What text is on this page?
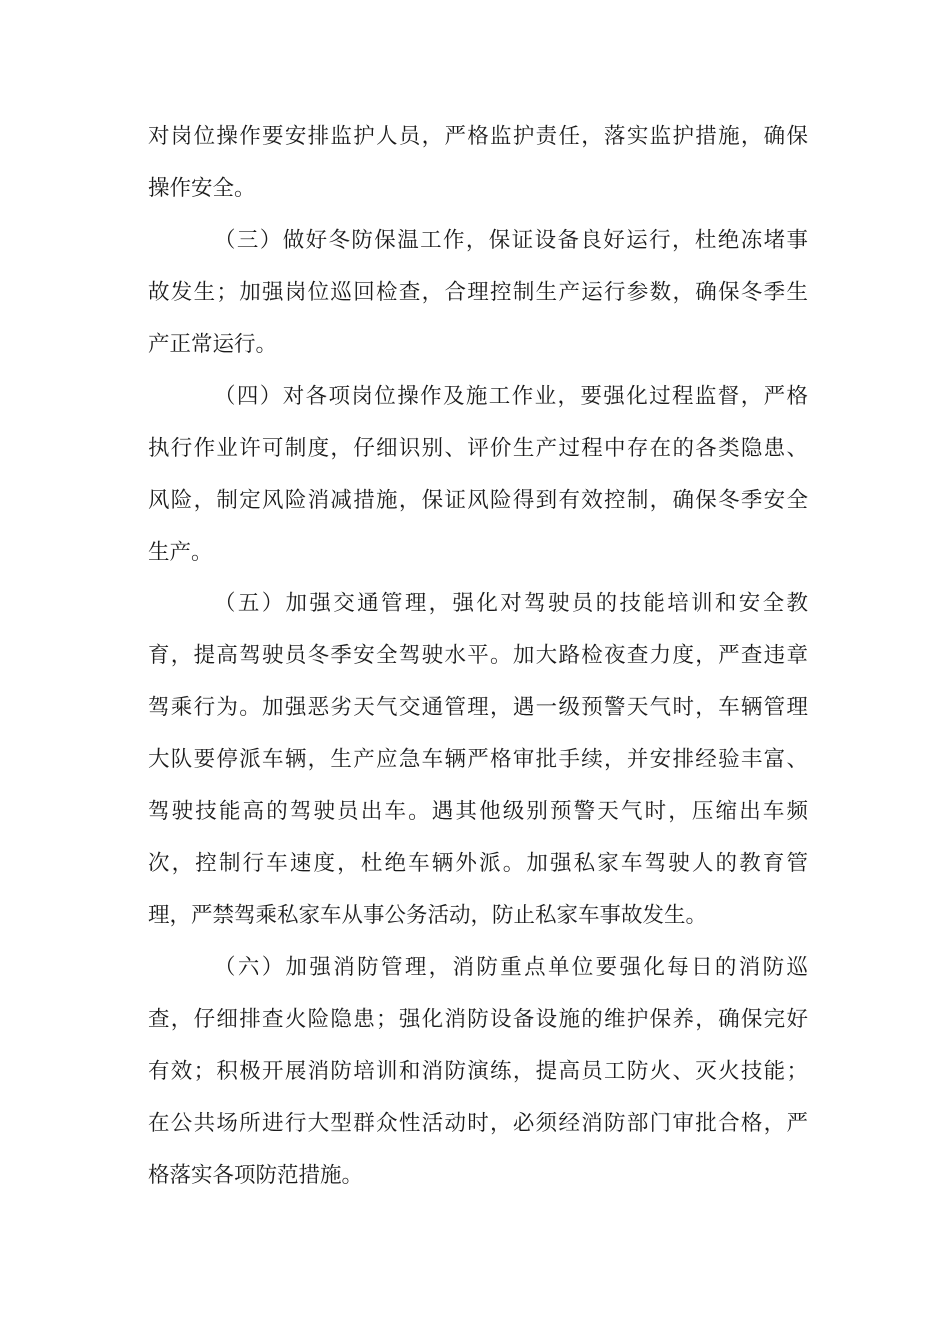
对岗位操作要安排监护人员，严格监护责任，落实监护措施，确保
操作安全。
（三）做好冬防保温工作，保证设备良好运行，杜绝冻堵事
故发生；加强岗位巡回检查，合理控制生产运行参数，确保冬季生
产正常运行。
（四）对各项岗位操作及施工作业，要强化过程监督，严格
执行作业许可制度，仔细识别、评价生产过程中存在的各类隐患、
风险，制定风险消减措施，保证风险得到有效控制，确保冬季安全
生产。
（五）加强交通管理，强化对驾驶员的技能培训和安全教
育，提高驾驶员冬季安全驾驶水平。加大路检夜查力度，严查违章
驾乘行为。加强恶劣天气交通管理，遇一级预警天气时，车辆管理
大队要停派车辆，生产应急车辆严格审批手续，并安排经验丰富、
驾驶技能高的驾驶员出车。遇其他级别预警天气时，压缩出车频
次，控制行车速度，杜绝车辆外派。加强私家车驾驶人的教育管
理，严禁驾乘私家车从事公务活动，防止私家车事故发生。
（六）加强消防管理，消防重点单位要强化每日的消防巡
查，仔细排查火险隐患；强化消防设备设施的维护保养，确保完好
有效；积极开展消防培训和消防演练，提高员工防火、灭火技能；
在公共场所进行大型群众性活动时，必须经消防部门审批合格，严
格落实各项防范措施。
